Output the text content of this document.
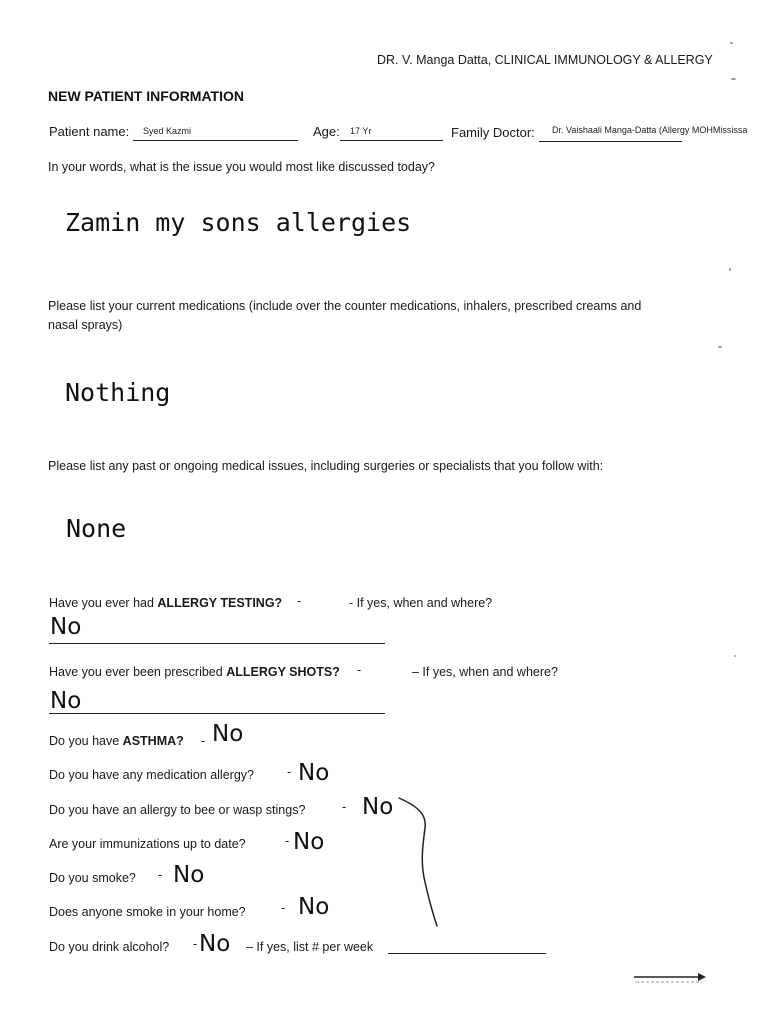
DR. V. Manga Datta, CLINICAL IMMUNOLOGY & ALLERGY
NEW PATIENT INFORMATION
Patient name: Syed Kazmi	Age: 17 Yr	Family Doctor: Dr. Vaishaali Manga-Datta (Allergy MOHMississa
In your words, what is the issue you would most like discussed today?
Zamin my sons allergies
Please list your current medications (include over the counter medications, inhalers, prescribed creams and
nasal sprays)
Nothing
Please list any past or ongoing medical issues, including surgeries or specialists that you follow with:
None
Have you ever had ALLERGY TESTING? -	- If yes, when and where?
No
Have you ever been prescribed ALLERGY SHOTS? -	– If yes, when and where?
No
Do you have ASTHMA? - No
Do you have any medication allergy?	- No
Do you have an allergy to bee or wasp stings?	- No
Are your immunizations up to date?	- No
Do you smoke? - No
Does anyone smoke in your home?	- No
Do you drink alcohol? - No – If yes, list # per week
